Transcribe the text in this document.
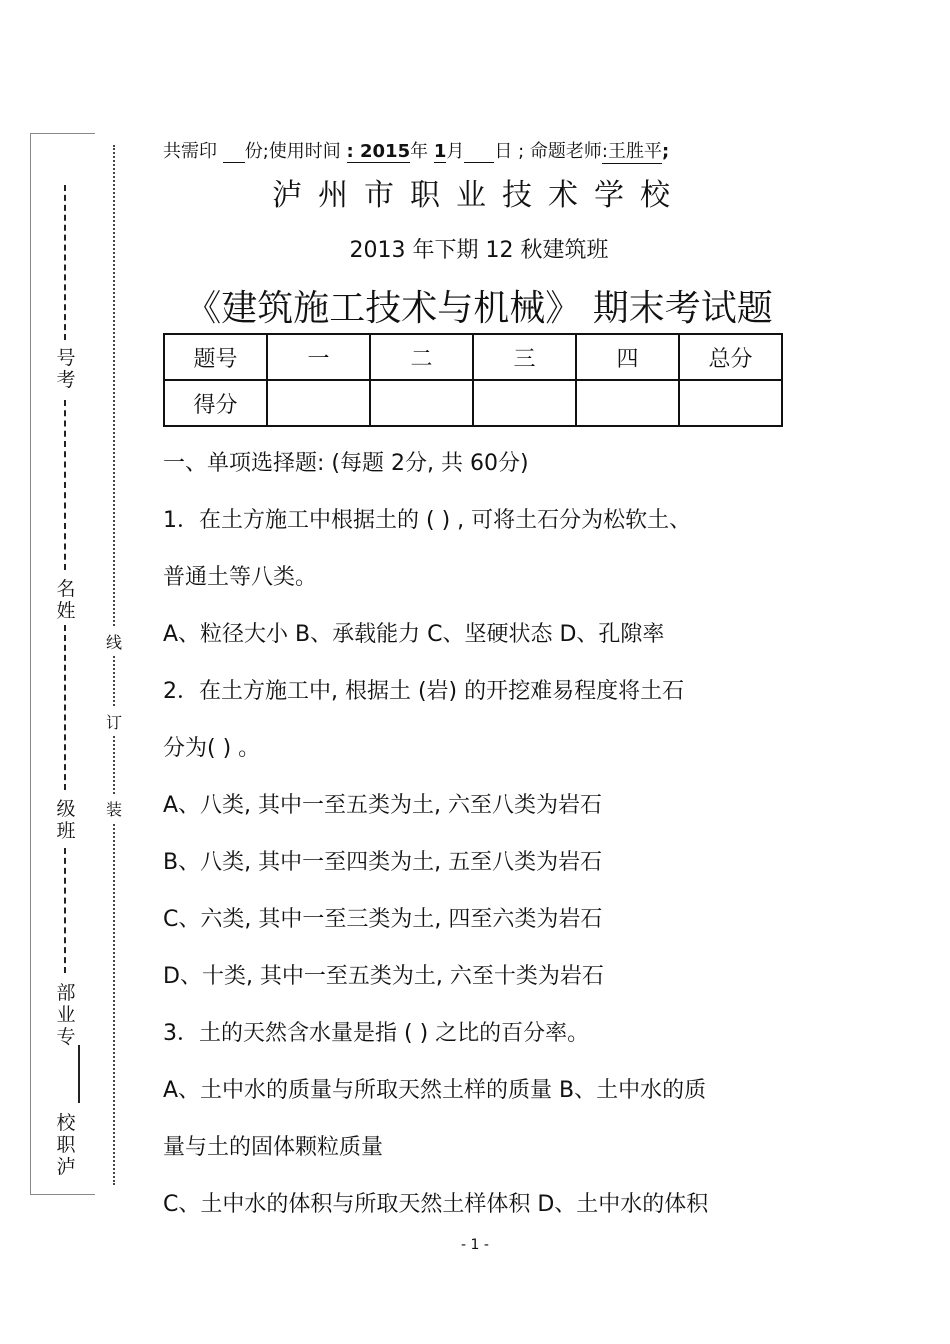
号考
名姓
级班
部业专
校职泸
线
订
装
共需印 份;使用时间 : 2015年 1月 日 ; 命题老师:王胜平;
泸州市职业技术学校
2013 年下期 12 秋建筑班
《建筑施工技术与机械》 期末考试题
题号	一	二	三	四	总分
得分					
一、单项选择题: (每题 2分, 共 60分)
1．在土方施工中根据土的 ( ) , 可将土石分为松软土、
普通土等八类。
A、粒径大小 B、承载能力 C、坚硬状态 D、孔隙率
2．在土方施工中, 根据土 (岩) 的开挖难易程度将土石
分为( ) 。
A、八类, 其中一至五类为土, 六至八类为岩石
B、八类, 其中一至四类为土, 五至八类为岩石
C、六类, 其中一至三类为土, 四至六类为岩石
D、十类, 其中一至五类为土, 六至十类为岩石
3．土的天然含水量是指 ( ) 之比的百分率。
A、土中水的质量与所取天然土样的质量 B、土中水的质
量与土的固体颗粒质量
C、土中水的体积与所取天然土样体积 D、土中水的体积
- 1 -
